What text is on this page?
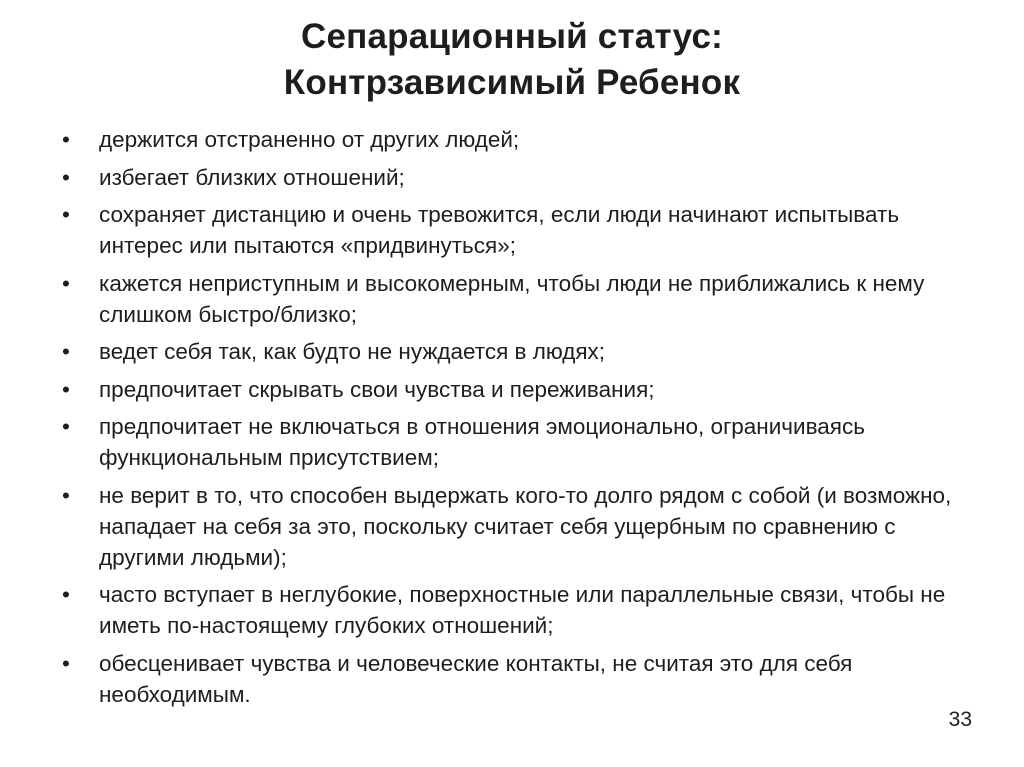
Сепарационный статус:
Контрзависимый Ребенок
•	держится отстраненно от других людей;
•	избегает близких отношений;
•	сохраняет дистанцию и очень тревожится, если люди начинают испытывать интерес или пытаются «придвинуться»;
•	кажется неприступным и высокомерным, чтобы люди не приближались к нему слишком быстро/близко;
•	ведет себя так, как будто не нуждается в людях;
•	предпочитает скрывать свои чувства и переживания;
•	предпочитает не включаться в отношения эмоционально, ограничиваясь функциональным присутствием;
•	не верит в то, что способен выдержать кого-то долго рядом с собой (и возможно, нападает на себя за это, поскольку считает себя ущербным по сравнению с другими людьми);
•	часто вступает в неглубокие, поверхностные или параллельные связи, чтобы не иметь по-настоящему глубоких отношений;
•	обесценивает чувства и человеческие контакты, не считая это для себя необходимым.
33
